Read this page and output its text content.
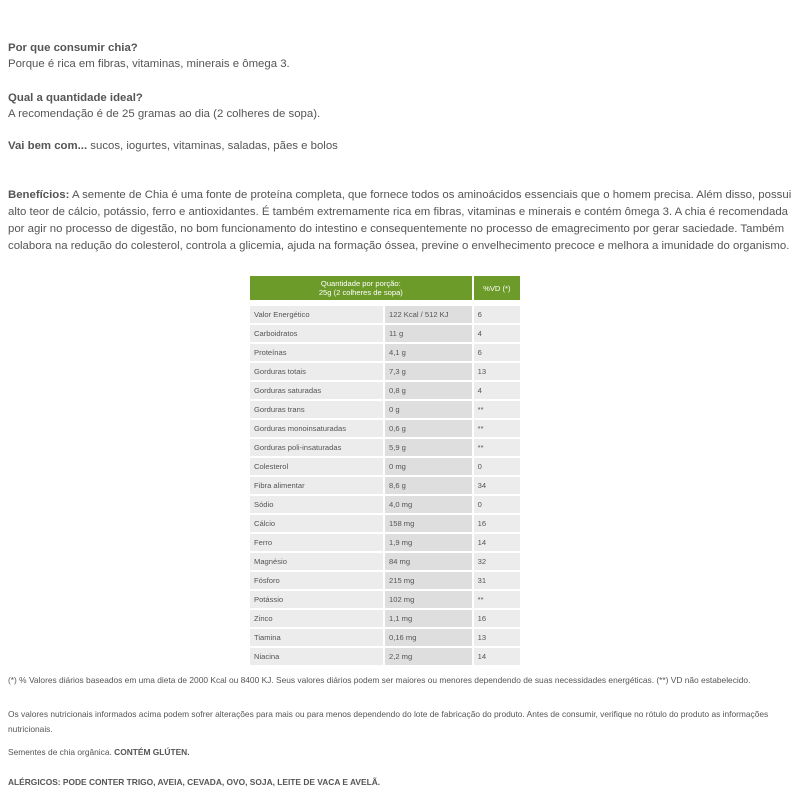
Por que consumir chia?
Porque é rica em fibras, vitaminas, minerais e ômega 3.
Qual a quantidade ideal?
A recomendação é de 25 gramas ao dia (2 colheres de sopa).
Vai bem com... sucos, iogurtes, vitaminas, saladas, pães e bolos
Benefícios: A semente de Chia é uma fonte de proteína completa, que fornece todos os aminoácidos essenciais que o homem precisa. Além disso, possui alto teor de cálcio, potássio, ferro e antioxidantes. É também extremamente rica em fibras, vitaminas e minerais e contém ômega 3. A chia é recomendada por agir no processo de digestão, no bom funcionamento do intestino e consequentemente no processo de emagrecimento por gerar saciedade. Também colabora na redução do colesterol, controla a glicemia, ajuda na formação óssea, previne o envelhecimento precoce e melhora a imunidade do organismo.
Quantidade por porção:
25g (2 colheres de sopa)		%VD (*)

Valor Energético	122 Kcal / 512 KJ	6
Carboidratos	11 g	4
Proteínas	4,1 g	6
Gorduras totais	7,3 g	13
Gorduras saturadas	0,8 g	4
Gorduras trans	0 g	**
Gorduras monoinsaturadas	0,6 g	**
Gorduras poli-insaturadas	5,9 g	**
Colesterol	0 mg	0
Fibra alimentar	8,6 g	34
Sódio	4,0 mg	0
Cálcio	158 mg	16
Ferro	1,9 mg	14
Magnésio	84 mg	32
Fósforo	215 mg	31
Potássio	102 mg	**
Zinco	1,1 mg	16
Tiamina	0,16 mg	13
Niacina	2,2 mg	14
(*) % Valores diários baseados em uma dieta de 2000 Kcal ou 8400 KJ. Seus valores diários podem ser maiores ou menores dependendo de suas necessidades energéticas. (**) VD não estabelecido.
Os valores nutricionais informados acima podem sofrer alterações para mais ou para menos dependendo do lote de fabricação do produto. Antes de consumir, verifique no rótulo do produto as informações nutricionais.
Sementes de chia orgânica. CONTÉM GLÚTEN.
ALÉRGICOS: PODE CONTER TRIGO, AVEIA, CEVADA, OVO, SOJA, LEITE DE VACA E AVELÃ.
